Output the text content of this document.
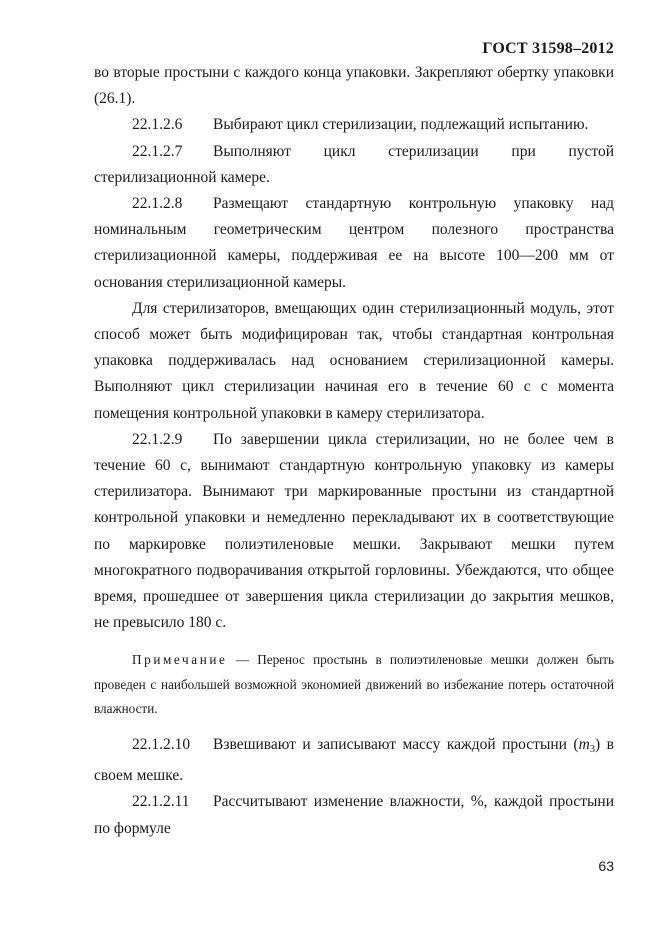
ГОСТ 31598–2012

во вторые простыни с каждого конца упаковки. Закрепляют обертку упаковки (26.1).

22.1.2.6 Выбирают цикл стерилизации, подлежащий испытанию.

22.1.2.7 Выполняют цикл стерилизации при пустой стерилизационной камере.

22.1.2.8 Размещают стандартную контрольную упаковку над номинальным геометрическим центром полезного пространства стерилизационной камеры, поддерживая ее на высоте 100—200 мм от основания стерилизационной камеры.

Для стерилизаторов, вмещающих один стерилизационный модуль, этот способ может быть модифицирован так, чтобы стандартная контрольная упаковка поддерживалась над основанием стерилизационной камеры. Выполняют цикл стерилизации начиная его в течение 60 с с момента помещения контрольной упаковки в камеру стерилизатора.

22.1.2.9 По завершении цикла стерилизации, но не более чем в течение 60 с, вынимают стандартную контрольную упаковку из камеры стерилизатора. Вынимают три маркированные простыни из стандартной контрольной упаковки и немедленно перекладывают их в соответствующие по маркировке полиэтиленовые мешки. Закрывают мешки путем многократного подворачивания открытой горловины. Убеждаются, что общее время, прошедшее от завершения цикла стерилизации до закрытия мешков, не превысило 180 с.

Примечание — Перенос простынь в полиэтиленовые мешки должен быть проведен с наибольшей возможной экономией движений во избежание потерь остаточной влажности.

22.1.2.10 Взвешивают и записывают массу каждой простыни $(m_3)$ в своем мешке.

22.1.2.11 Рассчитывают изменение влажности, %, каждой простыни по формуле

63
